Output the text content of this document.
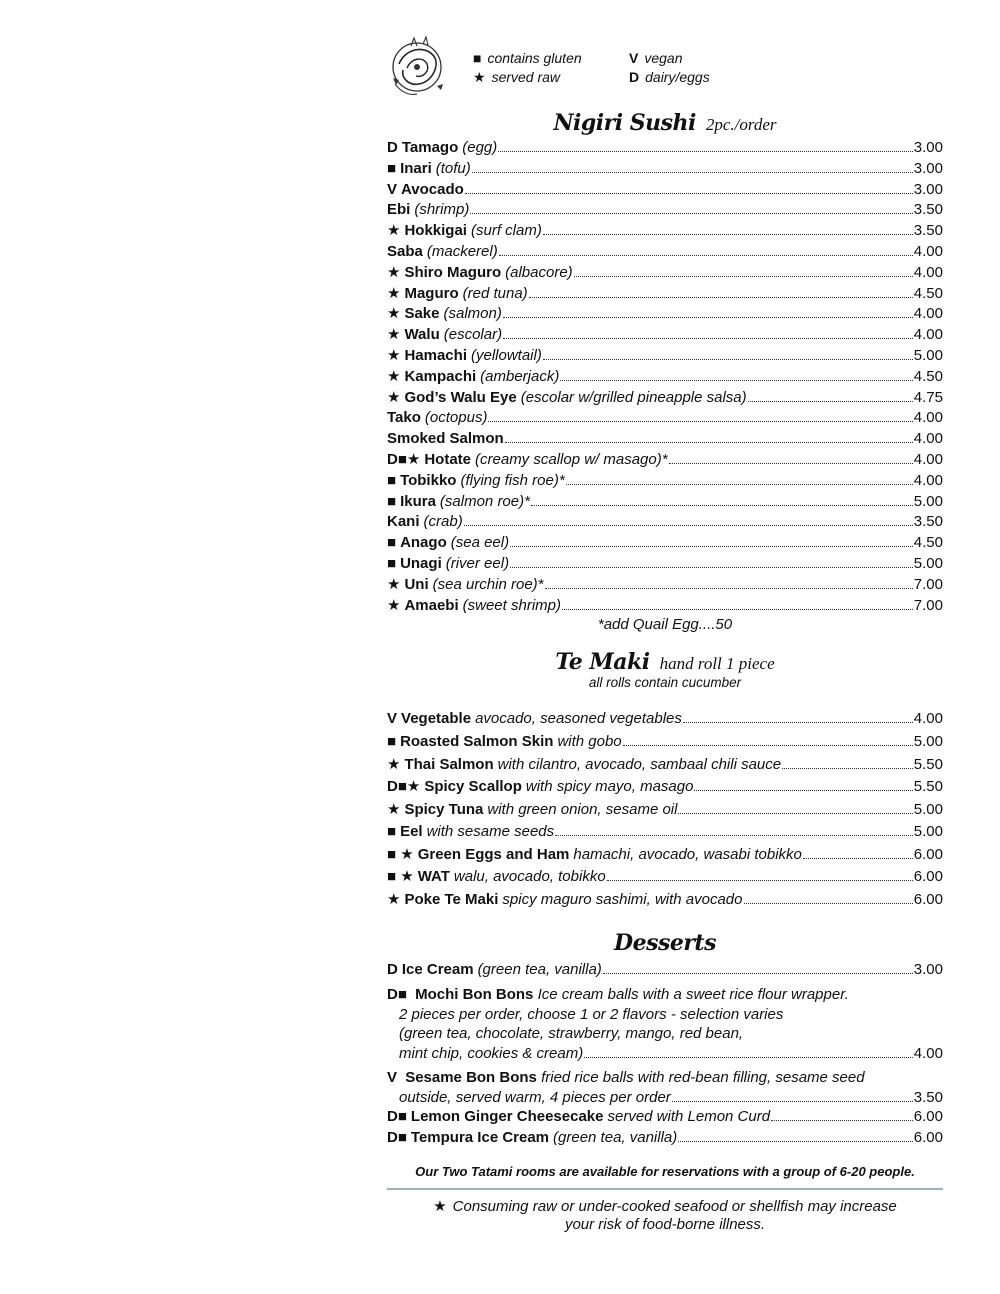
■ contains gluten	V vegan
★ served raw	D dairy/eggs
Nigiri Sushi 2pc./order
D Tamago (egg)	3.00
■ Inari (tofu)	3.00
V Avocado	3.00
Ebi (shrimp)	3.50
★ Hokkigai (surf clam)	3.50
Saba (mackerel)	4.00
★ Shiro Maguro (albacore)	4.00
★ Maguro (red tuna)	4.50
★ Sake (salmon)	4.00
★ Walu (escolar)	4.00
★ Hamachi (yellowtail)	5.00
★ Kampachi (amberjack)	4.50
★ God’s Walu Eye (escolar w/grilled pineapple salsa)	4.75
Tako (octopus)	4.00
Smoked Salmon	4.00
D■★ Hotate (creamy scallop w/ masago)*	4.00
■ Tobikko (flying fish roe)*	4.00
■ Ikura (salmon roe)*	5.00
Kani (crab)	3.50
■ Anago (sea eel)	4.50
■ Unagi (river eel)	5.00
★ Uni (sea urchin roe)*	7.00
★ Amaebi (sweet shrimp)	7.00
*add Quail Egg....50
Te Maki hand roll 1 piece
all rolls contain cucumber
V Vegetable avocado, seasoned vegetables	4.00
■ Roasted Salmon Skin with gobo	5.00
★ Thai Salmon with cilantro, avocado, sambaal chili sauce	5.50
D■★ Spicy Scallop with spicy mayo, masago	5.50
★ Spicy Tuna with green onion, sesame oil	5.00
■ Eel with sesame seeds	5.00
■ ★ Green Eggs and Ham hamachi, avocado, wasabi tobikko	6.00
■ ★ WAT walu, avocado, tobikko	6.00
★ Poke Te Maki spicy maguro sashimi, with avocado	6.00
Desserts
D Ice Cream (green tea, vanilla)	3.00
D■ Mochi Bon Bons Ice cream balls with a sweet rice flour wrapper.
2 pieces per order, choose 1 or 2 flavors - selection varies
(green tea, chocolate, strawberry, mango, red bean,
mint chip, cookies & cream)	4.00
V Sesame Bon Bons fried rice balls with red-bean filling, sesame seed
outside, served warm, 4 pieces per order	3.50
D■ Lemon Ginger Cheesecake served with Lemon Curd	6.00
D■ Tempura Ice Cream (green tea, vanilla)	6.00
Our Two Tatami rooms are available for reservations with a group of 6-20 people.
★ Consuming raw or under-cooked seafood or shellfish may increase
your risk of food-borne illness.
